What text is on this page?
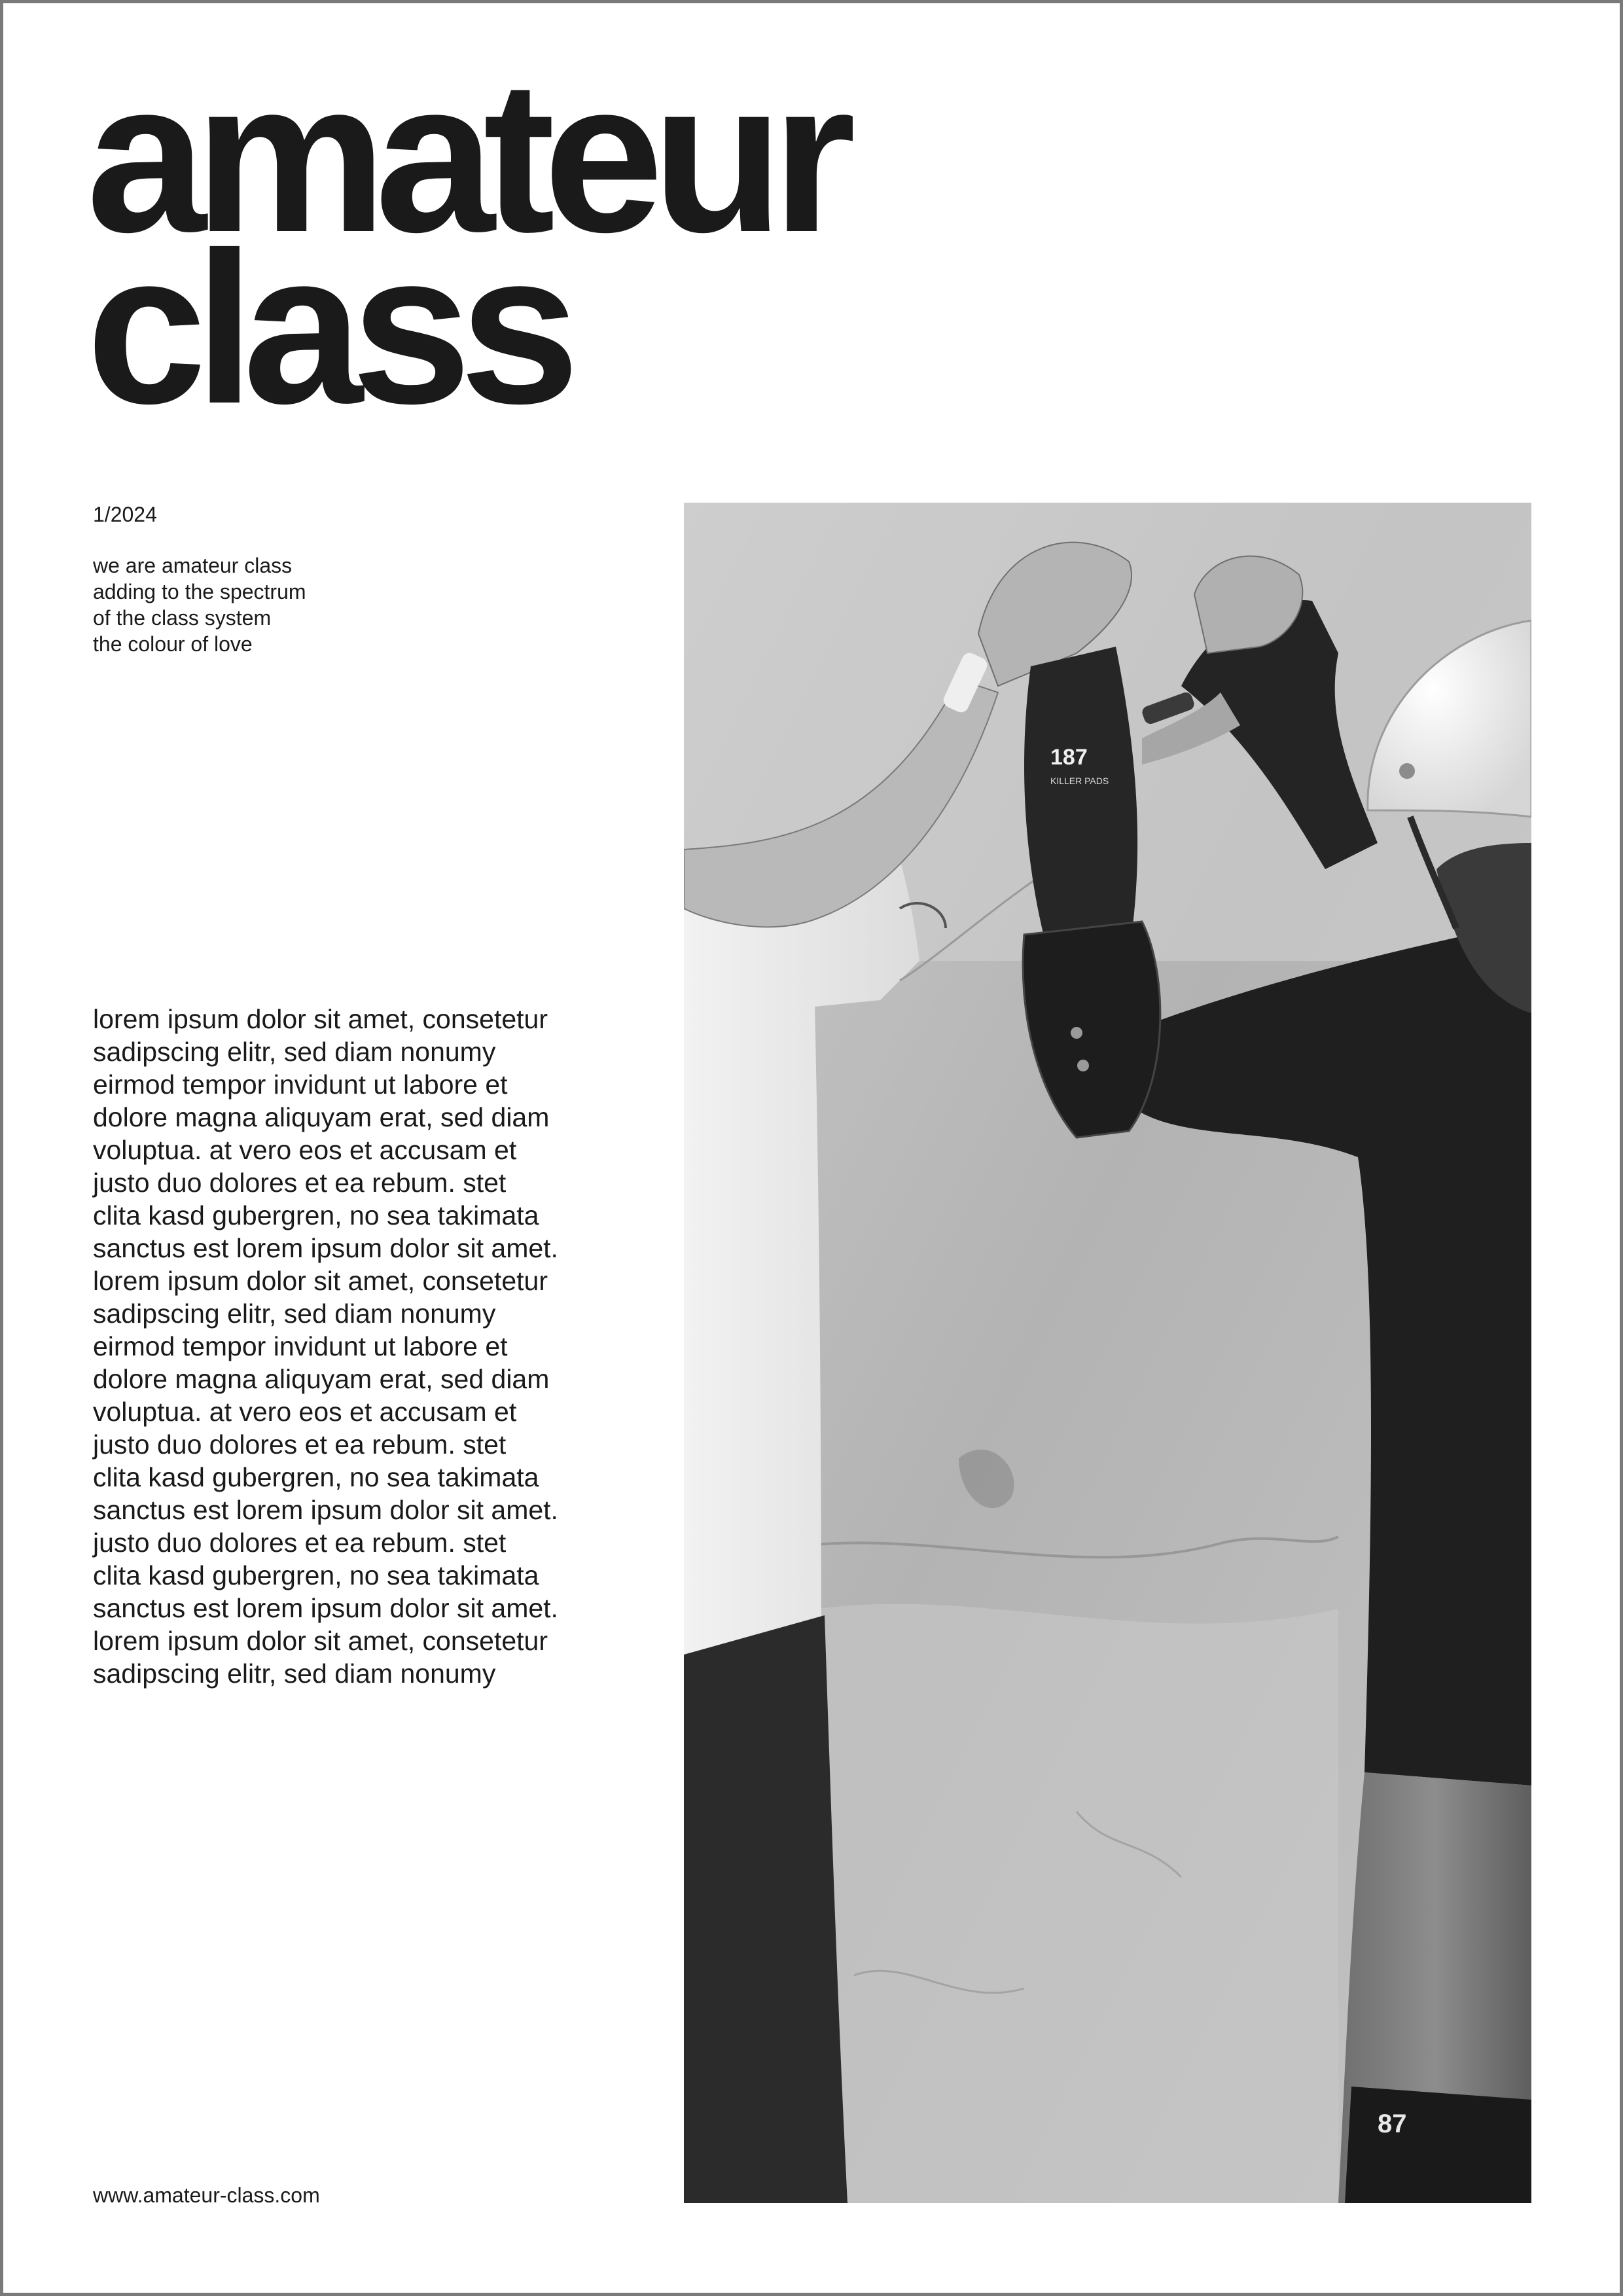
amateur
class
1/2024
we are amateur class
adding to the spectrum
of the class system
the colour of love
lorem ipsum dolor sit amet, consetetur
sadipscing elitr, sed diam nonumy
eirmod tempor invidunt ut labore et
dolore magna aliquyam erat, sed diam
voluptua. at vero eos et accusam et
justo duo dolores et ea rebum. stet
clita kasd gubergren, no sea takimata
sanctus est lorem ipsum dolor sit amet.
lorem ipsum dolor sit amet, consetetur
sadipscing elitr, sed diam nonumy
eirmod tempor invidunt ut labore et
dolore magna aliquyam erat, sed diam
voluptua. at vero eos et accusam et
justo duo dolores et ea rebum. stet
clita kasd gubergren, no sea takimata
sanctus est lorem ipsum dolor sit amet.
justo duo dolores et ea rebum. stet
clita kasd gubergren, no sea takimata
sanctus est lorem ipsum dolor sit amet.
lorem ipsum dolor sit amet, consetetur
sadipscing elitr, sed diam nonumy
www.amateur-class.com
87
187
KILLER PADS
